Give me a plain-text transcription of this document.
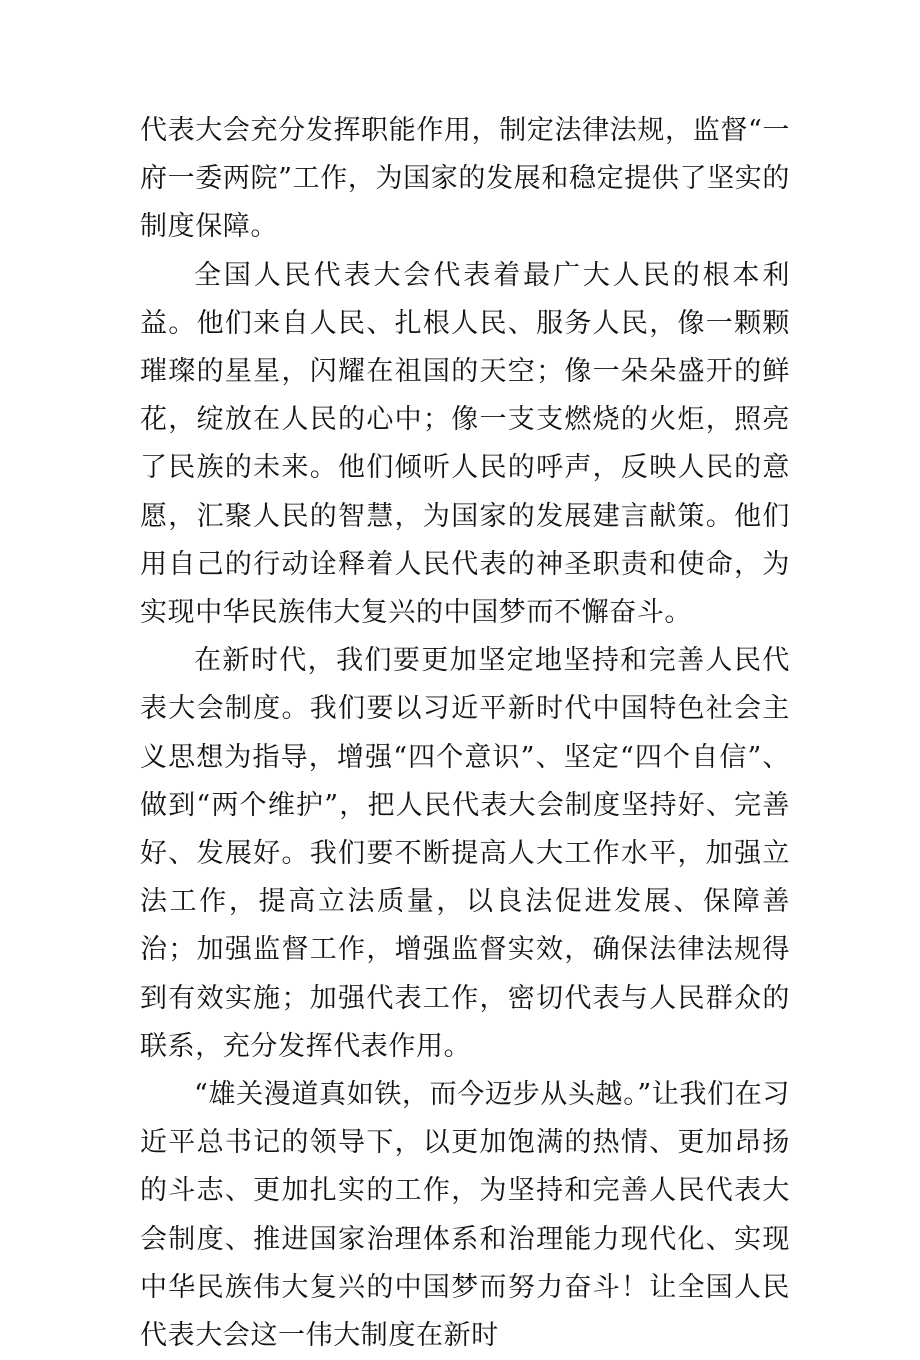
代表大会充分发挥职能作用，制定法律法规，监督“一府一委两院”工作，为国家的发展和稳定提供了坚实的制度保障。

全国人民代表大会代表着最广大人民的根本利益。他们来自人民、扎根人民、服务人民，像一颗颗璀璨的星星，闪耀在祖国的天空；像一朵朵盛开的鲜花，绽放在人民的心中；像一支支燃烧的火炬，照亮了民族的未来。他们倾听人民的呼声，反映人民的意愿，汇聚人民的智慧，为国家的发展建言献策。他们用自己的行动诠释着人民代表的神圣职责和使命，为实现中华民族伟大复兴的中国梦而不懈奋斗。

在新时代，我们要更加坚定地坚持和完善人民代表大会制度。我们要以习近平新时代中国特色社会主义思想为指导，增强“四个意识”、坚定“四个自信”、做到“两个维护”，把人民代表大会制度坚持好、完善好、发展好。我们要不断提高人大工作水平，加强立法工作，提高立法质量，以良法促进发展、保障善治；加强监督工作，增强监督实效，确保法律法规得到有效实施；加强代表工作，密切代表与人民群众的联系，充分发挥代表作用。

“雄关漫道真如铁，而今迈步从头越。”让我们在习近平总书记的领导下，以更加饱满的热情、更加昂扬的斗志、更加扎实的工作，为坚持和完善人民代表大会制度、推进国家治理体系和治理能力现代化、实现中华民族伟大复兴的中国梦而努力奋斗！让全国人民代表大会这一伟大制度在新时
